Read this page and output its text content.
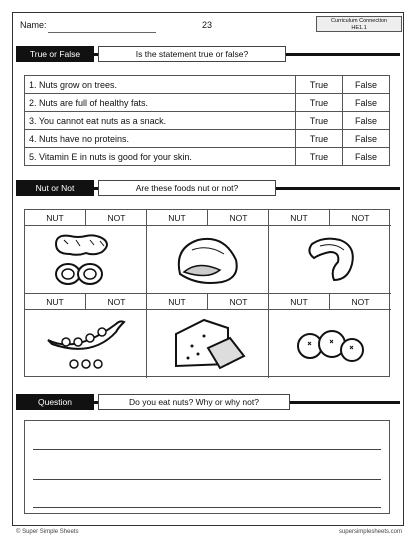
Name:	23	Curriculum Connection
HE1.1
True or False	Is the statement true or false?
1. Nuts grow on trees.	True	False
2. Nuts are full of healthy fats.	True	False
3. You cannot eat nuts as a snack.	True	False
4. Nuts have no proteins.	True	False
5. Vitamin E in nuts is good for your skin.	True	False
Nut or Not	Are these foods nut or not?
NUT	NOT	NUT	NOT	NUT	NOT
NUT	NOT	NUT	NOT	NUT	NOT
Question	Do you eat nuts? Why or why not?
© Super Simple Sheets	supersimplesheets.com
